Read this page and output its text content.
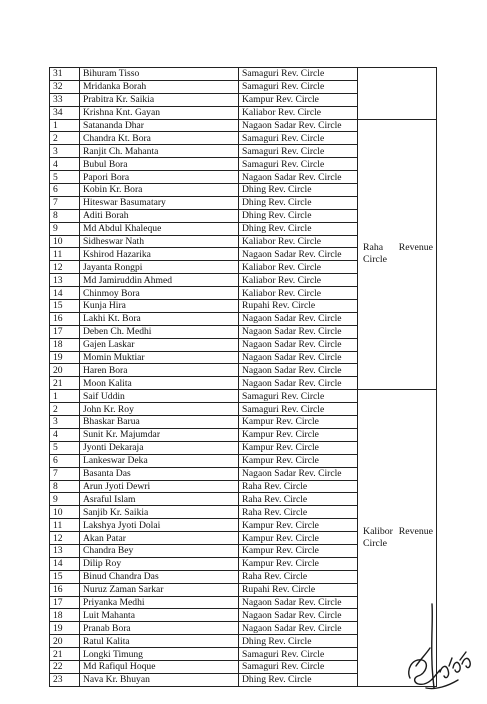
31	Bihuram Tisso	Samaguri Rev. Circle	

32	Mridanka Borah	Samaguri Rev. Circle	
33	Prabitra Kr. Saikia	Kampur Rev. Circle	
34	Krishna Knt. Gayan	Kaliabor Rev. Circle	
1	Satananda Dhar	Nagaon Sadar Rev. Circle	Raha Revenue Circle

2	Chandra Kt. Bora	Samaguri Rev. Circle	
3	Ranjit Ch. Mahanta	Samaguri Rev. Circle	
4	Bubul Bora	Samaguri Rev. Circle	
5	Papori Bora	Nagaon Sadar Rev. Circle	
6	Kobin Kr. Bora	Dhing Rev. Circle	
7	Hiteswar Basumatary	Dhing Rev. Circle	
8	Aditi Borah	Dhing Rev. Circle	
9	Md Abdul Khaleque	Dhing Rev. Circle	
10	Sidheswar Nath	Kaliabor Rev. Circle	
11	Kshirod Hazarika	Nagaon Sadar Rev. Circle	
12	Jayanta Rongpi	Kaliabor Rev. Circle	
13	Md Jamiruddin Ahmed	Kaliabor Rev. Circle	
14	Chinmoy Bora	Kaliabor Rev. Circle	
15	Kunja Hira	Rupahi Rev. Circle	
16	Lakhi Kt. Bora	Nagaon Sadar Rev. Circle	
17	Deben Ch. Medhi	Nagaon Sadar Rev. Circle	
18	Gajen Laskar	Nagaon Sadar Rev. Circle	
19	Momin Muktiar	Nagaon Sadar Rev. Circle	
20	Haren Bora	Nagaon Sadar Rev. Circle	
21	Moon Kalita	Nagaon Sadar Rev. Circle	
1	Saif Uddin	Samaguri Rev. Circle	Kalibor Revenue Circle

2	John Kr. Roy	Samaguri Rev. Circle	
3	Bhaskar Barua	Kampur Rev. Circle	
4	Sunit Kr. Majumdar	Kampur Rev. Circle	
5	Jyonti Dekaraja	Kampur Rev. Circle	
6	Lankeswar Deka	Kampur Rev. Circle	
7	Basanta Das	Nagaon Sadar Rev. Circle	
8	Arun Jyoti Dewri	Raha Rev. Circle	
9	Asraful Islam	Raha Rev. Circle	
10	Sanjib Kr. Saikia	Raha Rev. Circle	
11	Lakshya Jyoti Dolai	Kampur Rev. Circle	
12	Akan Patar	Kampur Rev. Circle	
13	Chandra Bey	Kampur Rev. Circle	
14	Dilip Roy	Kampur Rev. Circle	
15	Binud Chandra Das	Raha Rev. Circle	
16	Nuruz Zaman Sarkar	Rupahi Rev. Circle	
17	Priyanka Medhi	Nagaon Sadar Rev. Circle	
18	Luit Mahanta	Nagaon Sadar Rev. Circle	
19	Pranab Bora	Nagaon Sadar Rev. Circle	
20	Ratul Kalita	Dhing Rev. Circle	
21	Longki Timung	Samaguri Rev. Circle	
22	Md Rafiqul Hoque	Samaguri Rev. Circle	
23	Nava Kr. Bhuyan	Dhing Rev. Circle	
